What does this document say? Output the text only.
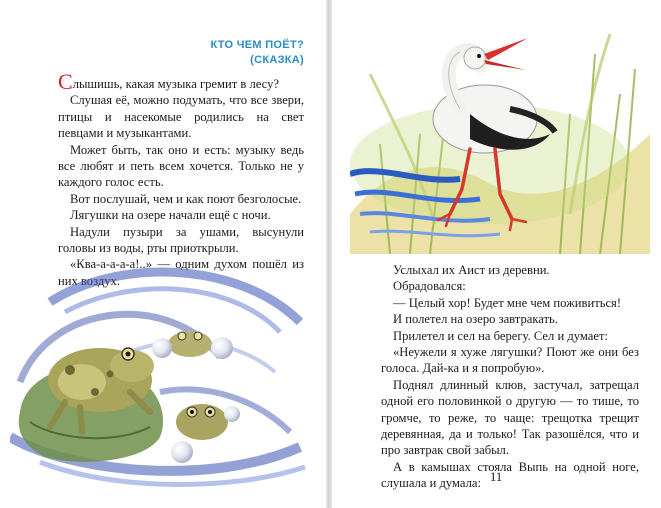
КТО ЧЕМ ПОЁТ?
(СКАЗКА)

Слышишь, какая музыка гремит в лесу?

Слушая её, можно подумать, что все звери, птицы и насекомые родились на свет певцами и музыкантами.

Может быть, так оно и есть: музыку ведь все любят и петь всем хочется. Только не у каждого голос есть.

Вот послушай, чем и как поют безголосые.

Лягушки на озере начали ещё с ночи.

Надули пузыри за ушами, высунули головы из воды, рты приоткрыли.

«Ква-а-а-а-а!..» — одним духом пошёл из них воздух.

Услыхал их Аист из деревни.

Обрадовался:

— Целый хор! Будет мне чем поживиться!

И полетел на озеро завтракать.

Прилетел и сел на берегу. Сел и думает:

«Неужели я хуже лягушки? Поют же они без голоса. Дай-ка и я попробую».

Поднял длинный клюв, застучал, затрещал одной его половинкой о другую — то тише, то громче, то реже, то чаще: трещотка трещит деревянная, да и только! Так разошёлся, что и про завтрак свой забыл.

А в камышах стояла Выпь на одной ноге, слушала и думала: 11
